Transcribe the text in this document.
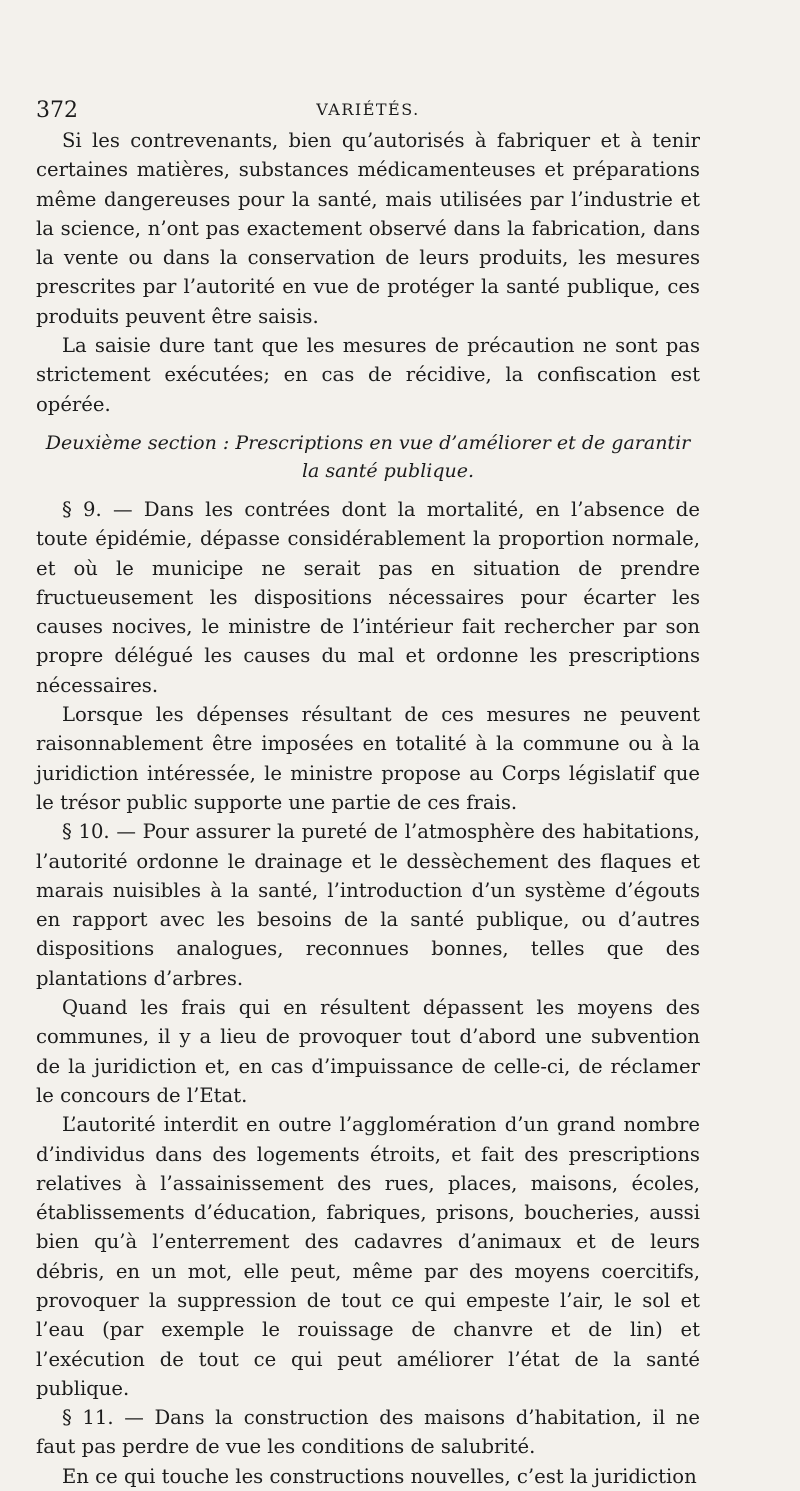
372	VARIÉTÉS.

Si les contrevenants, bien qu’autorisés à fabriquer et à tenir certaines matières, substances médicamenteuses et préparations même dangereuses pour la santé, mais utilisées par l’industrie et la science, n’ont pas exactement observé dans la fabrication, dans la vente ou dans la conservation de leurs produits, les mesures prescrites par l’autorité en vue de protéger la santé publique, ces produits peuvent être saisis.

La saisie dure tant que les mesures de précaution ne sont pas strictement exécutées; en cas de récidive, la confiscation est opérée.

Deuxième section : Prescriptions en vue d’améliorer et de garantir
la santé publique.

§ 9. — Dans les contrées dont la mortalité, en l’absence de toute épidémie, dépasse considérablement la proportion normale, et où le municipe ne serait pas en situation de prendre fructueusement les dispositions nécessaires pour écarter les causes nocives, le ministre de l’intérieur fait rechercher par son propre délégué les causes du mal et ordonne les prescriptions nécessaires.

Lorsque les dépenses résultant de ces mesures ne peuvent raisonnablement être imposées en totalité à la commune ou à la juridiction intéressée, le ministre propose au Corps législatif que le trésor public supporte une partie de ces frais.

§ 10. — Pour assurer la pureté de l’atmosphère des habitations, l’autorité ordonne le drainage et le dessèchement des flaques et marais nuisibles à la santé, l’introduction d’un système d’égouts en rapport avec les besoins de la santé publique, ou d’autres dispositions analogues, reconnues bonnes, telles que des plantations d’arbres.

Quand les frais qui en résultent dépassent les moyens des communes, il y a lieu de provoquer tout d’abord une subvention de la juridiction et, en cas d’impuissance de celle-ci, de réclamer le concours de l’Etat.

L’autorité interdit en outre l’agglomération d’un grand nombre d’individus dans des logements étroits, et fait des prescriptions relatives à l’assainissement des rues, places, maisons, écoles, établissements d’éducation, fabriques, prisons, boucheries, aussi bien qu’à l’enterrement des cadavres d’animaux et de leurs débris, en un mot, elle peut, même par des moyens coercitifs, provoquer la suppression de tout ce qui empeste l’air, le sol et l’eau (par exemple le rouissage de chanvre et de lin) et l’exécution de tout ce qui peut améliorer l’état de la santé publique.

§ 11. — Dans la construction des maisons d’habitation, il ne faut pas perdre de vue les conditions de salubrité.

En ce qui touche les constructions nouvelles, c’est la juridiction
